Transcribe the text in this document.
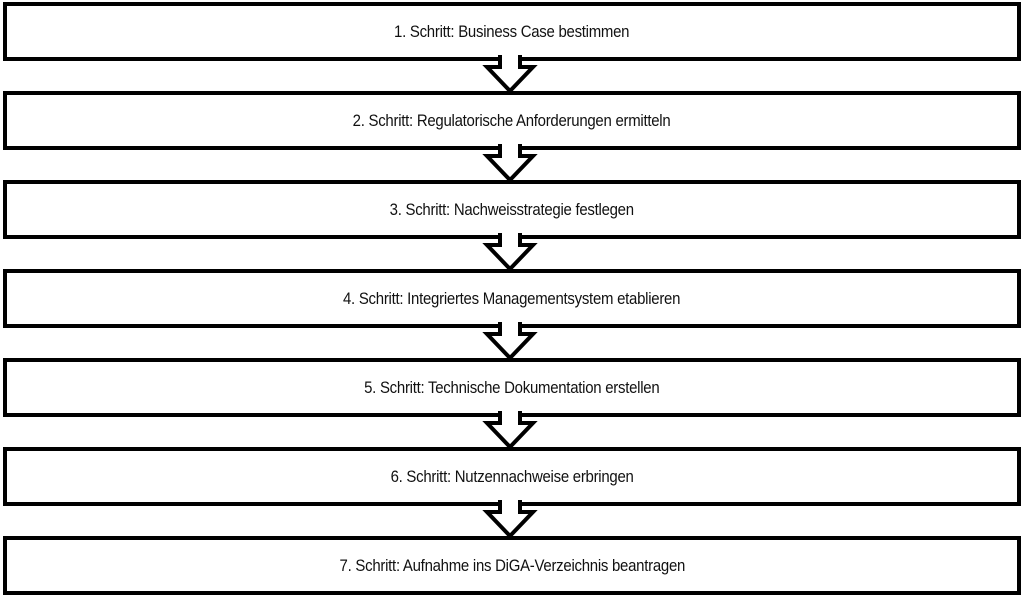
1. Schritt: Business Case bestimmen
2. Schritt: Regulatorische Anforderungen ermitteln
3. Schritt: Nachweisstrategie festlegen
4. Schritt: Integriertes Managementsystem etablieren
5. Schritt: Technische Dokumentation erstellen
6. Schritt: Nutzennachweise erbringen
7. Schritt: Aufnahme ins DiGA-Verzeichnis beantragen
